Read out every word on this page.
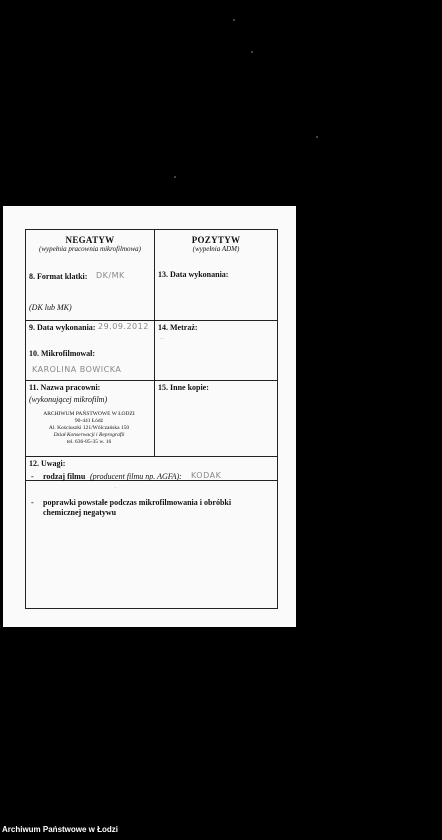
NEGATYW
(wypełnia pracownia mikrofilmowa)
8. Format klatki: DK/MK
(DK lub MK)
POZYTYW
(wypełnia ADM)
13. Data wykonania:
9. Data wykonania: 29.09.2012
10. Mikrofilmował:
KAROLINA BOWICKA
14. Metraż:
–
11. Nazwa pracowni:
(wykonującej mikrofilm)
ARCHIWUM PAŃSTWOWE W ŁODZI
90-441 Łódź
Al. Kościuszki 121/Wólczańska 150
Dział Konserwacji i Reprografii
tel. 636-85-35 w. 16
15. Inne kopie:
12. Uwagi:
- rodzaj filmu (producent filmu np. AGFA): KODAK
·
- poprawki powstałe podczas mikrofilmowania i obróbki
chemicznej negatywu
Archiwum Państwowe w Łodzi
